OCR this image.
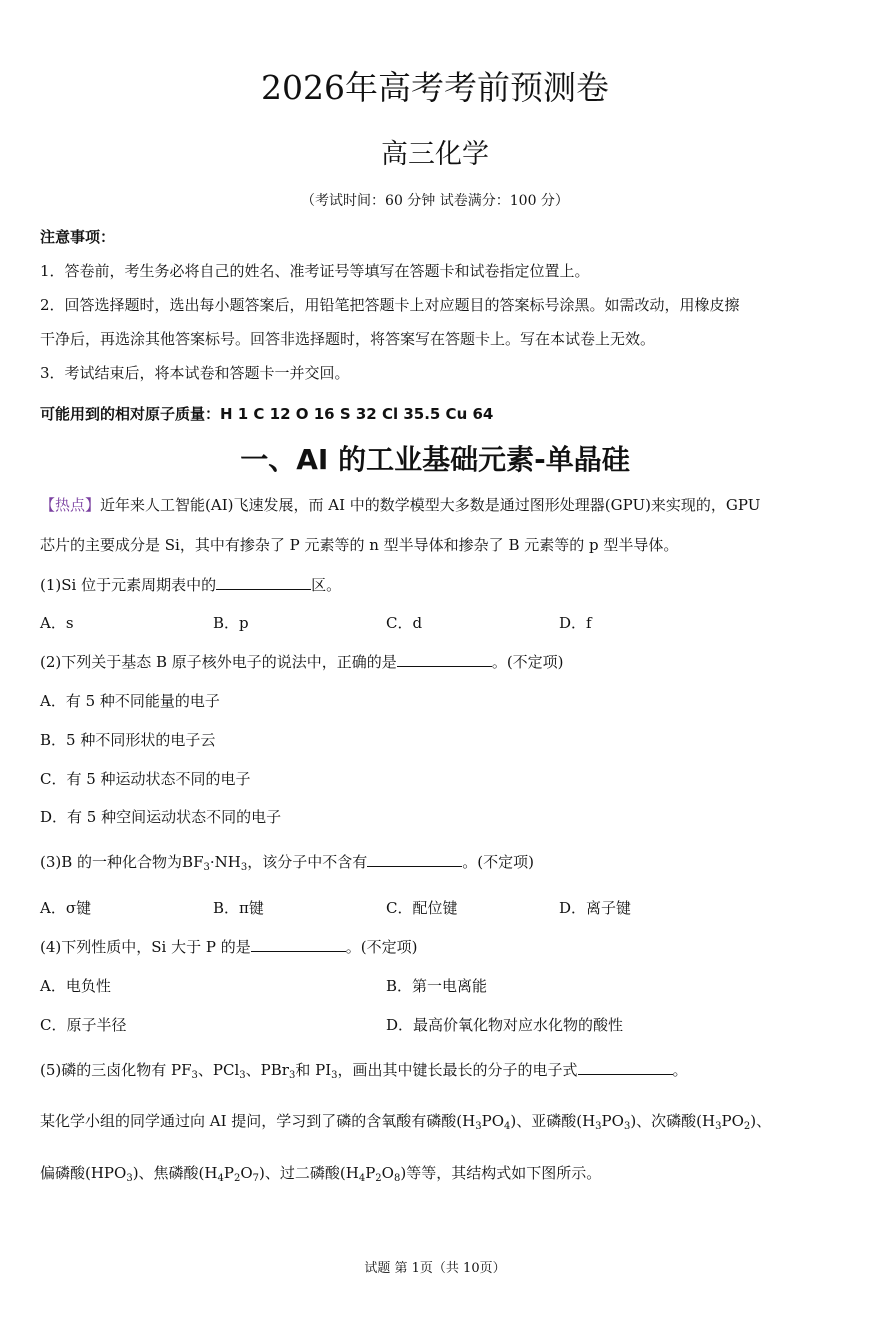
2026年高考考前预测卷
高三化学
（考试时间：60 分钟 试卷满分：100 分）
注意事项：
1．答卷前，考生务必将自己的姓名、准考证号等填写在答题卡和试卷指定位置上。
2．回答选择题时，选出每小题答案后，用铅笔把答题卡上对应题目的答案标号涂黑。如需改动，用橡皮擦
干净后，再选涂其他答案标号。回答非选择题时，将答案写在答题卡上。写在本试卷上无效。
3．考试结束后，将本试卷和答题卡一并交回。
可能用到的相对原子质量：H 1 C 12 O 16 S 32 Cl 35.5 Cu 64
一、AI 的工业基础元素-单晶硅
【热点】近年来人工智能(AI)飞速发展，而 AI 中的数学模型大多数是通过图形处理器(GPU)来实现的，GPU
芯片的主要成分是 Si，其中有掺杂了 P 元素等的 n 型半导体和掺杂了 B 元素等的 p 型半导体。
(1)Si 位于元素周期表中的	区。
A．s	B．p	C．d	D．f
(2)下列关于基态 B 原子核外电子的说法中，正确的是	。(不定项)
A．有 5 种不同能量的电子
B．5 种不同形状的电子云
C．有 5 种运动状态不同的电子
D．有 5 种空间运动状态不同的电子
(3)B 的一种化合物为$BF_3\cdot NH_3$，该分子中不含有	。(不定项)
A．σ键	B．π键	C．配位键	D．离子键
(4)下列性质中，Si 大于 P 的是	。(不定项)
A．电负性	B．第一电离能
C．原子半径	D．最高价氧化物对应水化物的酸性
(5)磷的三卤化物有 $PF_3$、PCl$_3$、PBr$_3$和 $PI_3$，画出其中键长最长的分子的电子式	。
某化学小组的同学通过向 AI 提问，学习到了磷的含氧酸有磷酸$(H_3PO_4)$、亚磷酸$(H_3PO_3)$、次磷酸$(H_3PO_2)$、
偏磷酸$(HPO_3)$、焦磷酸$(H_4P_2O_7)$、过二磷酸$(H_4P_2O_8)$等等，其结构式如下图所示。
试题 第 1页（共 10页）
